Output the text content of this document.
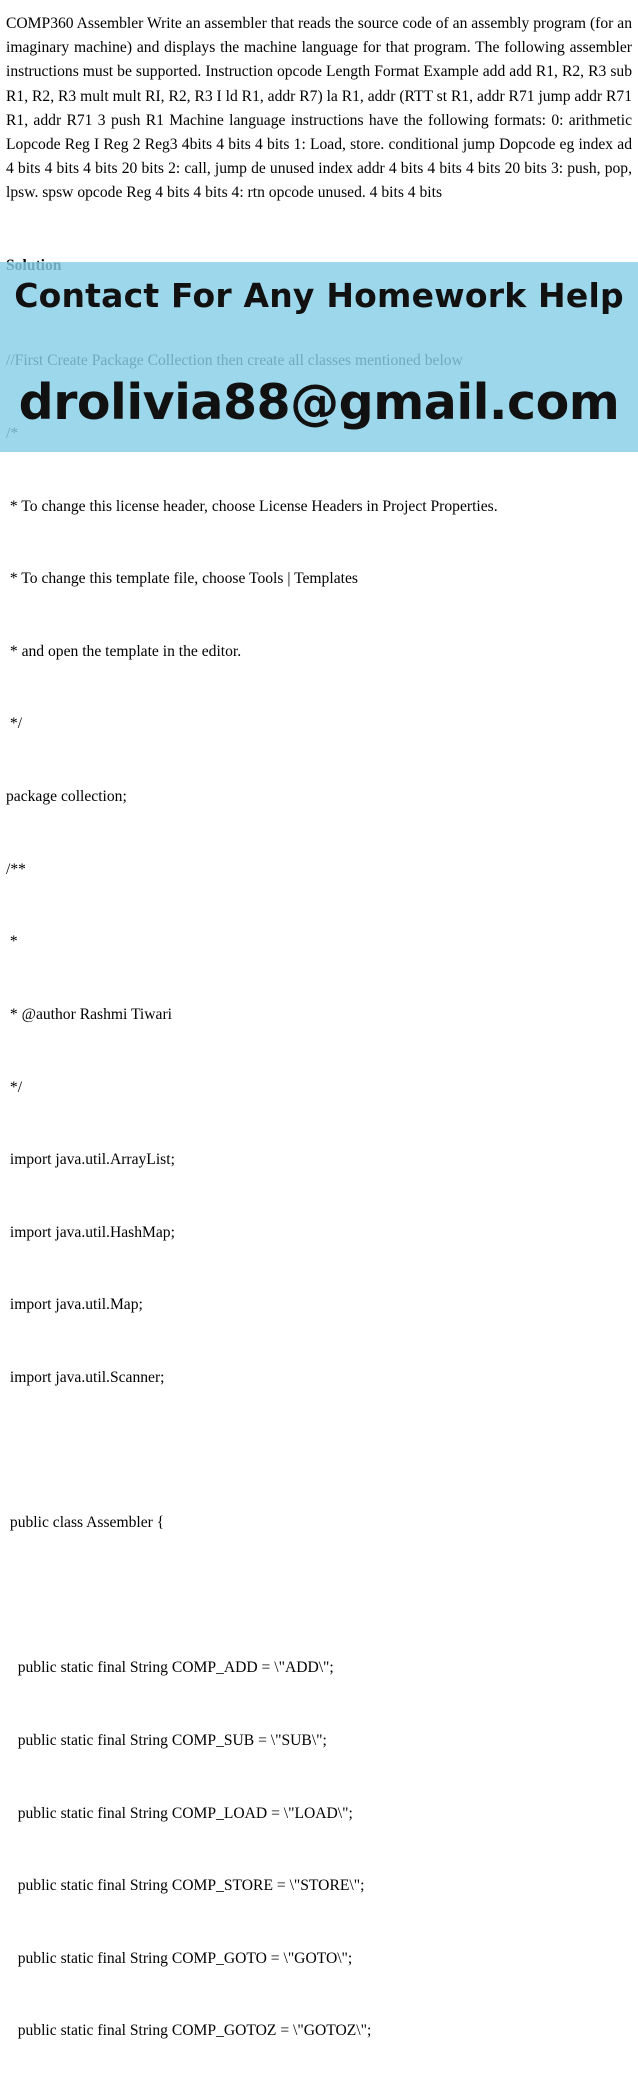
COMP360 Assembler Write an assembler that reads the source code of an assembly program (for an imaginary machine) and displays the machine language for that program. The following assembler instructions must be supported. Instruction opcode Length Format Example add add R1, R2, R3 sub R1, R2, R3 mult mult RI, R2, R3 I ld R1, addr R7) la R1, addr (RTT st R1, addr R71 jump addr R71 R1, addr R71 3 push R1 Machine language instructions have the following formats: 0: arithmetic Lopcode Reg I Reg 2 Reg3 4bits 4 bits 4 bits 1: Load, store. conditional jump Dopcode eg index ad 4 bits 4 bits 4 bits 20 bits 2: call, jump de unused index addr 4 bits 4 bits 4 bits 20 bits 3: push, pop, lpsw. spsw opcode Reg 4 bits 4 bits 4: rtn opcode unused. 4 bits 4 bits

* To change this license header, choose License Headers in Project Properties.

* To change this template file, choose Tools | Templates

* and open the template in the editor.

*/

package collection;

/**

*

* @author Rashmi Tiwari

*/

import java.util.ArrayList;

import java.util.HashMap;

import java.util.Map;

import java.util.Scanner;

public class Assembler {

public static final String COMP_ADD = \"ADD\";

public static final String COMP_SUB = \"SUB\";

public static final String COMP_LOAD = \"LOAD\";

public static final String COMP_STORE = \"STORE\";

public static final String COMP_GOTO = \"GOTO\";

public static final String COMP_GOTOZ = \"GOTOZ\";

Contact For Any Homework Help
drolivia88@gmail.com
